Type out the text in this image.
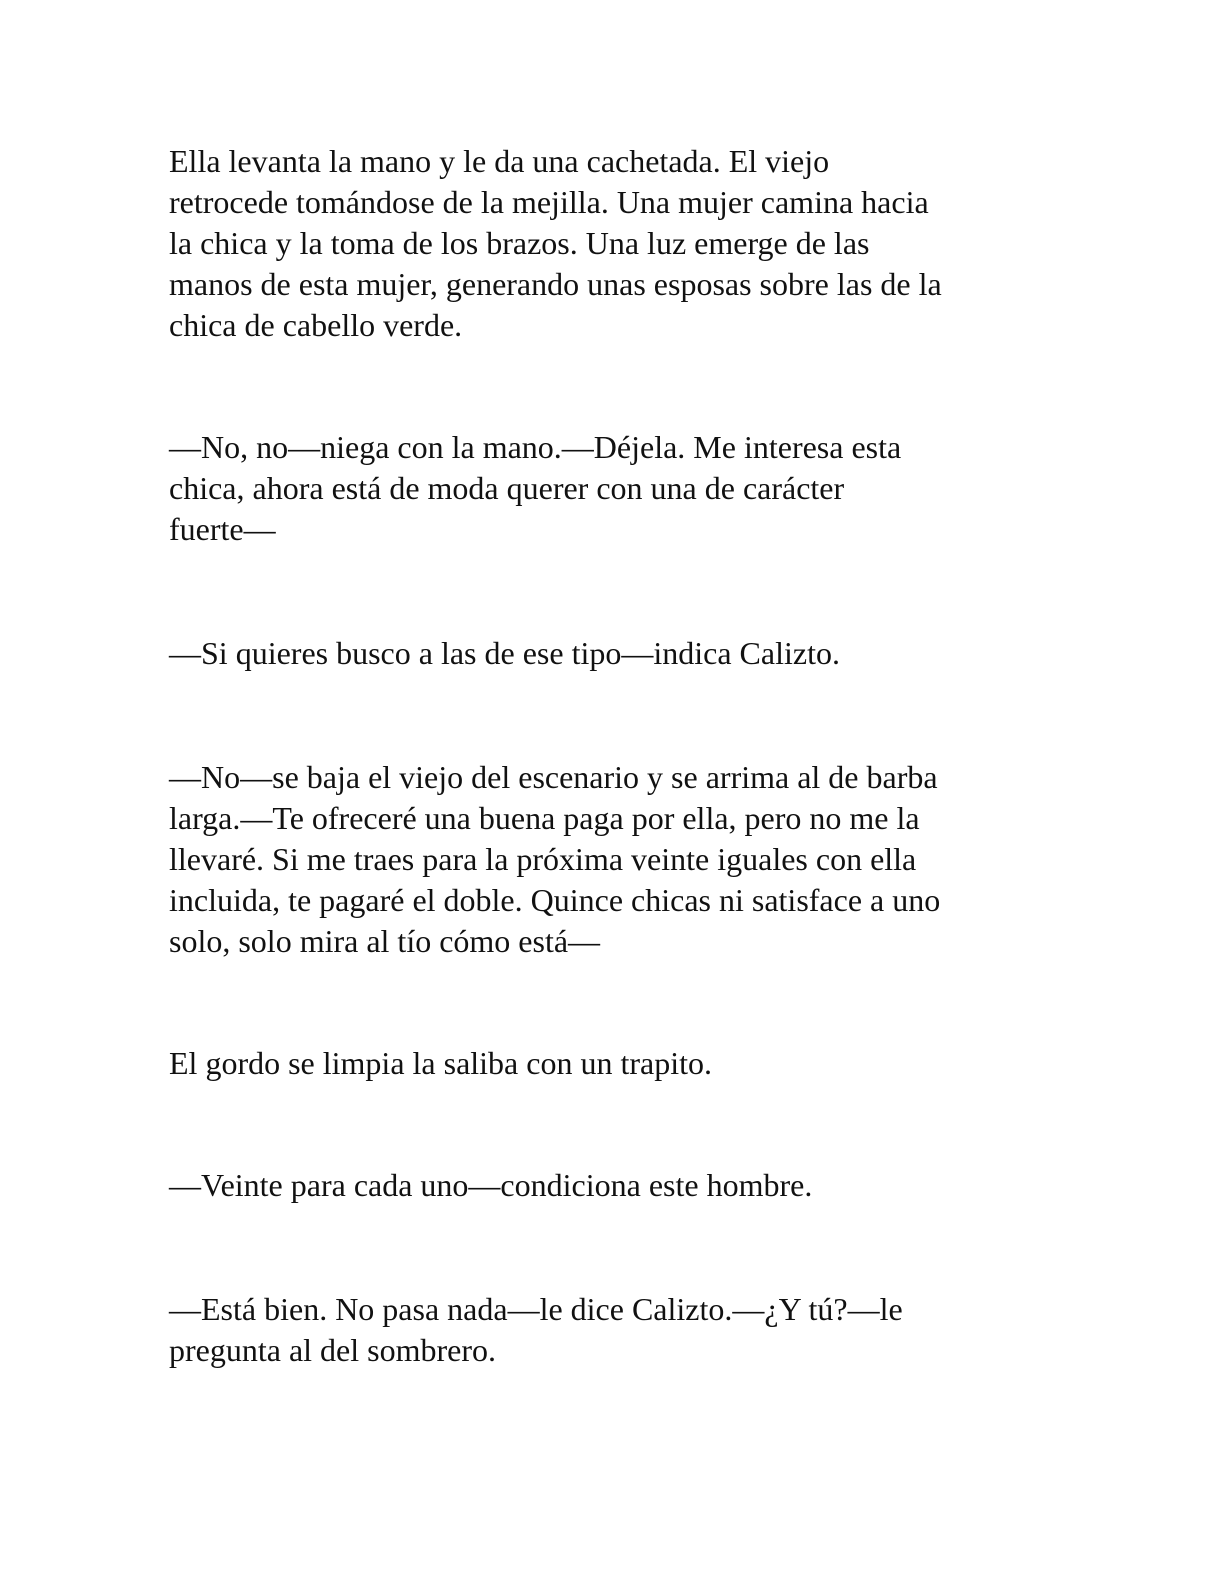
Ella levanta la mano y le da una cachetada. El viejo
retrocede tomándose de la mejilla. Una mujer camina hacia
la chica y la toma de los brazos. Una luz emerge de las
manos de esta mujer, generando unas esposas sobre las de la
chica de cabello verde.

—No, no—niega con la mano.—Déjela. Me interesa esta
chica, ahora está de moda querer con una de carácter
fuerte—

—Si quieres busco a las de ese tipo—indica Calizto.

—No—se baja el viejo del escenario y se arrima al de barba
larga.—Te ofreceré una buena paga por ella, pero no me la
llevaré. Si me traes para la próxima veinte iguales con ella
incluida, te pagaré el doble. Quince chicas ni satisface a uno
solo, solo mira al tío cómo está—

El gordo se limpia la saliba con un trapito.

—Veinte para cada uno—condiciona este hombre.

—Está bien. No pasa nada—le dice Calizto.—¿Y tú?—le
pregunta al del sombrero.
